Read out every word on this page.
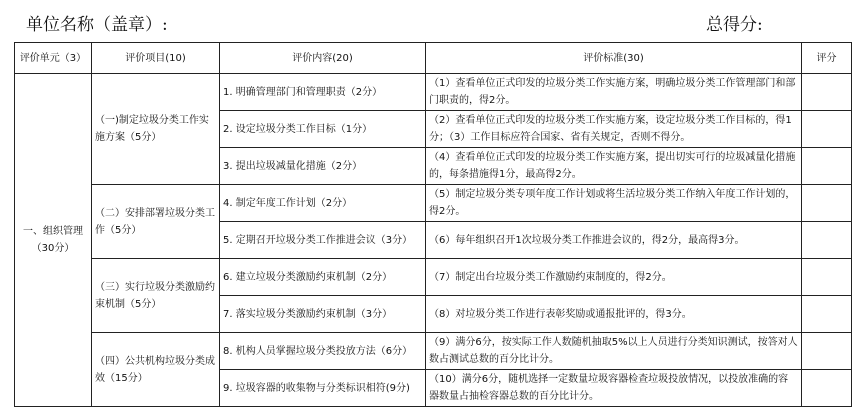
单位名称（盖章）:	总得分:
评价单元（3）	评价项目(10)	评价内容(20)	评价标准(30)	评分
一、组织管理（30分）	（一)制定垃圾分类工作实施方案（5分）	1. 明确管理部门和管理职责（2分）	（1）查看单位正式印发的垃圾分类工作实施方案，明确垃圾分类工作管理部门和部门职责的，得2分。	
		2. 设定垃圾分类工作目标（1分）	（2）查看单位正式印发的垃圾分类工作实施方案，设定垃圾分类工作目标的，得1分；（3）工作目标应符合国家、省有关规定，否则不得分。	
		3. 提出垃圾减量化措施（2分）	（4）查看单位正式印发的垃圾分类工作实施方案，提出切实可行的垃圾减量化措施的，每条措施得1分，最高得2分。	
	（二）安排部署垃圾分类工作（5分）	4. 制定年度工作计划（2分）	（5）制定垃圾分类专项年度工作计划或将生活垃圾分类工作纳入年度工作计划的，得2分。	
		5. 定期召开垃圾分类工作推进会议（3分）	（6）每年组织召开1次垃圾分类工作推进会议的，得2分，最高得3分。	
	（三）实行垃圾分类激励约束机制（5分）	6. 建立垃圾分类激励约束机制（2分）	（7）制定出台垃圾分类工作激励约束制度的，得2分。	
		7. 落实垃圾分类激励约束机制（3分）	（8）对垃圾分类工作进行表彰奖励或通报批评的，得3分。	
	（四）公共机构垃圾分类成效（15分）	8. 机构人员掌握垃圾分类投放方法（6分）	（9）满分6分，按实际工作人数随机抽取5%以上人员进行分类知识测试，按答对人数占测试总数的百分比计分。	
		9. 垃圾容器的收集物与分类标识相符(9分)	（10）满分6分，随机选择一定数量垃圾容器检查垃圾投放情况，以投放准确的容器数量占抽检容器总数的百分比计分。	
